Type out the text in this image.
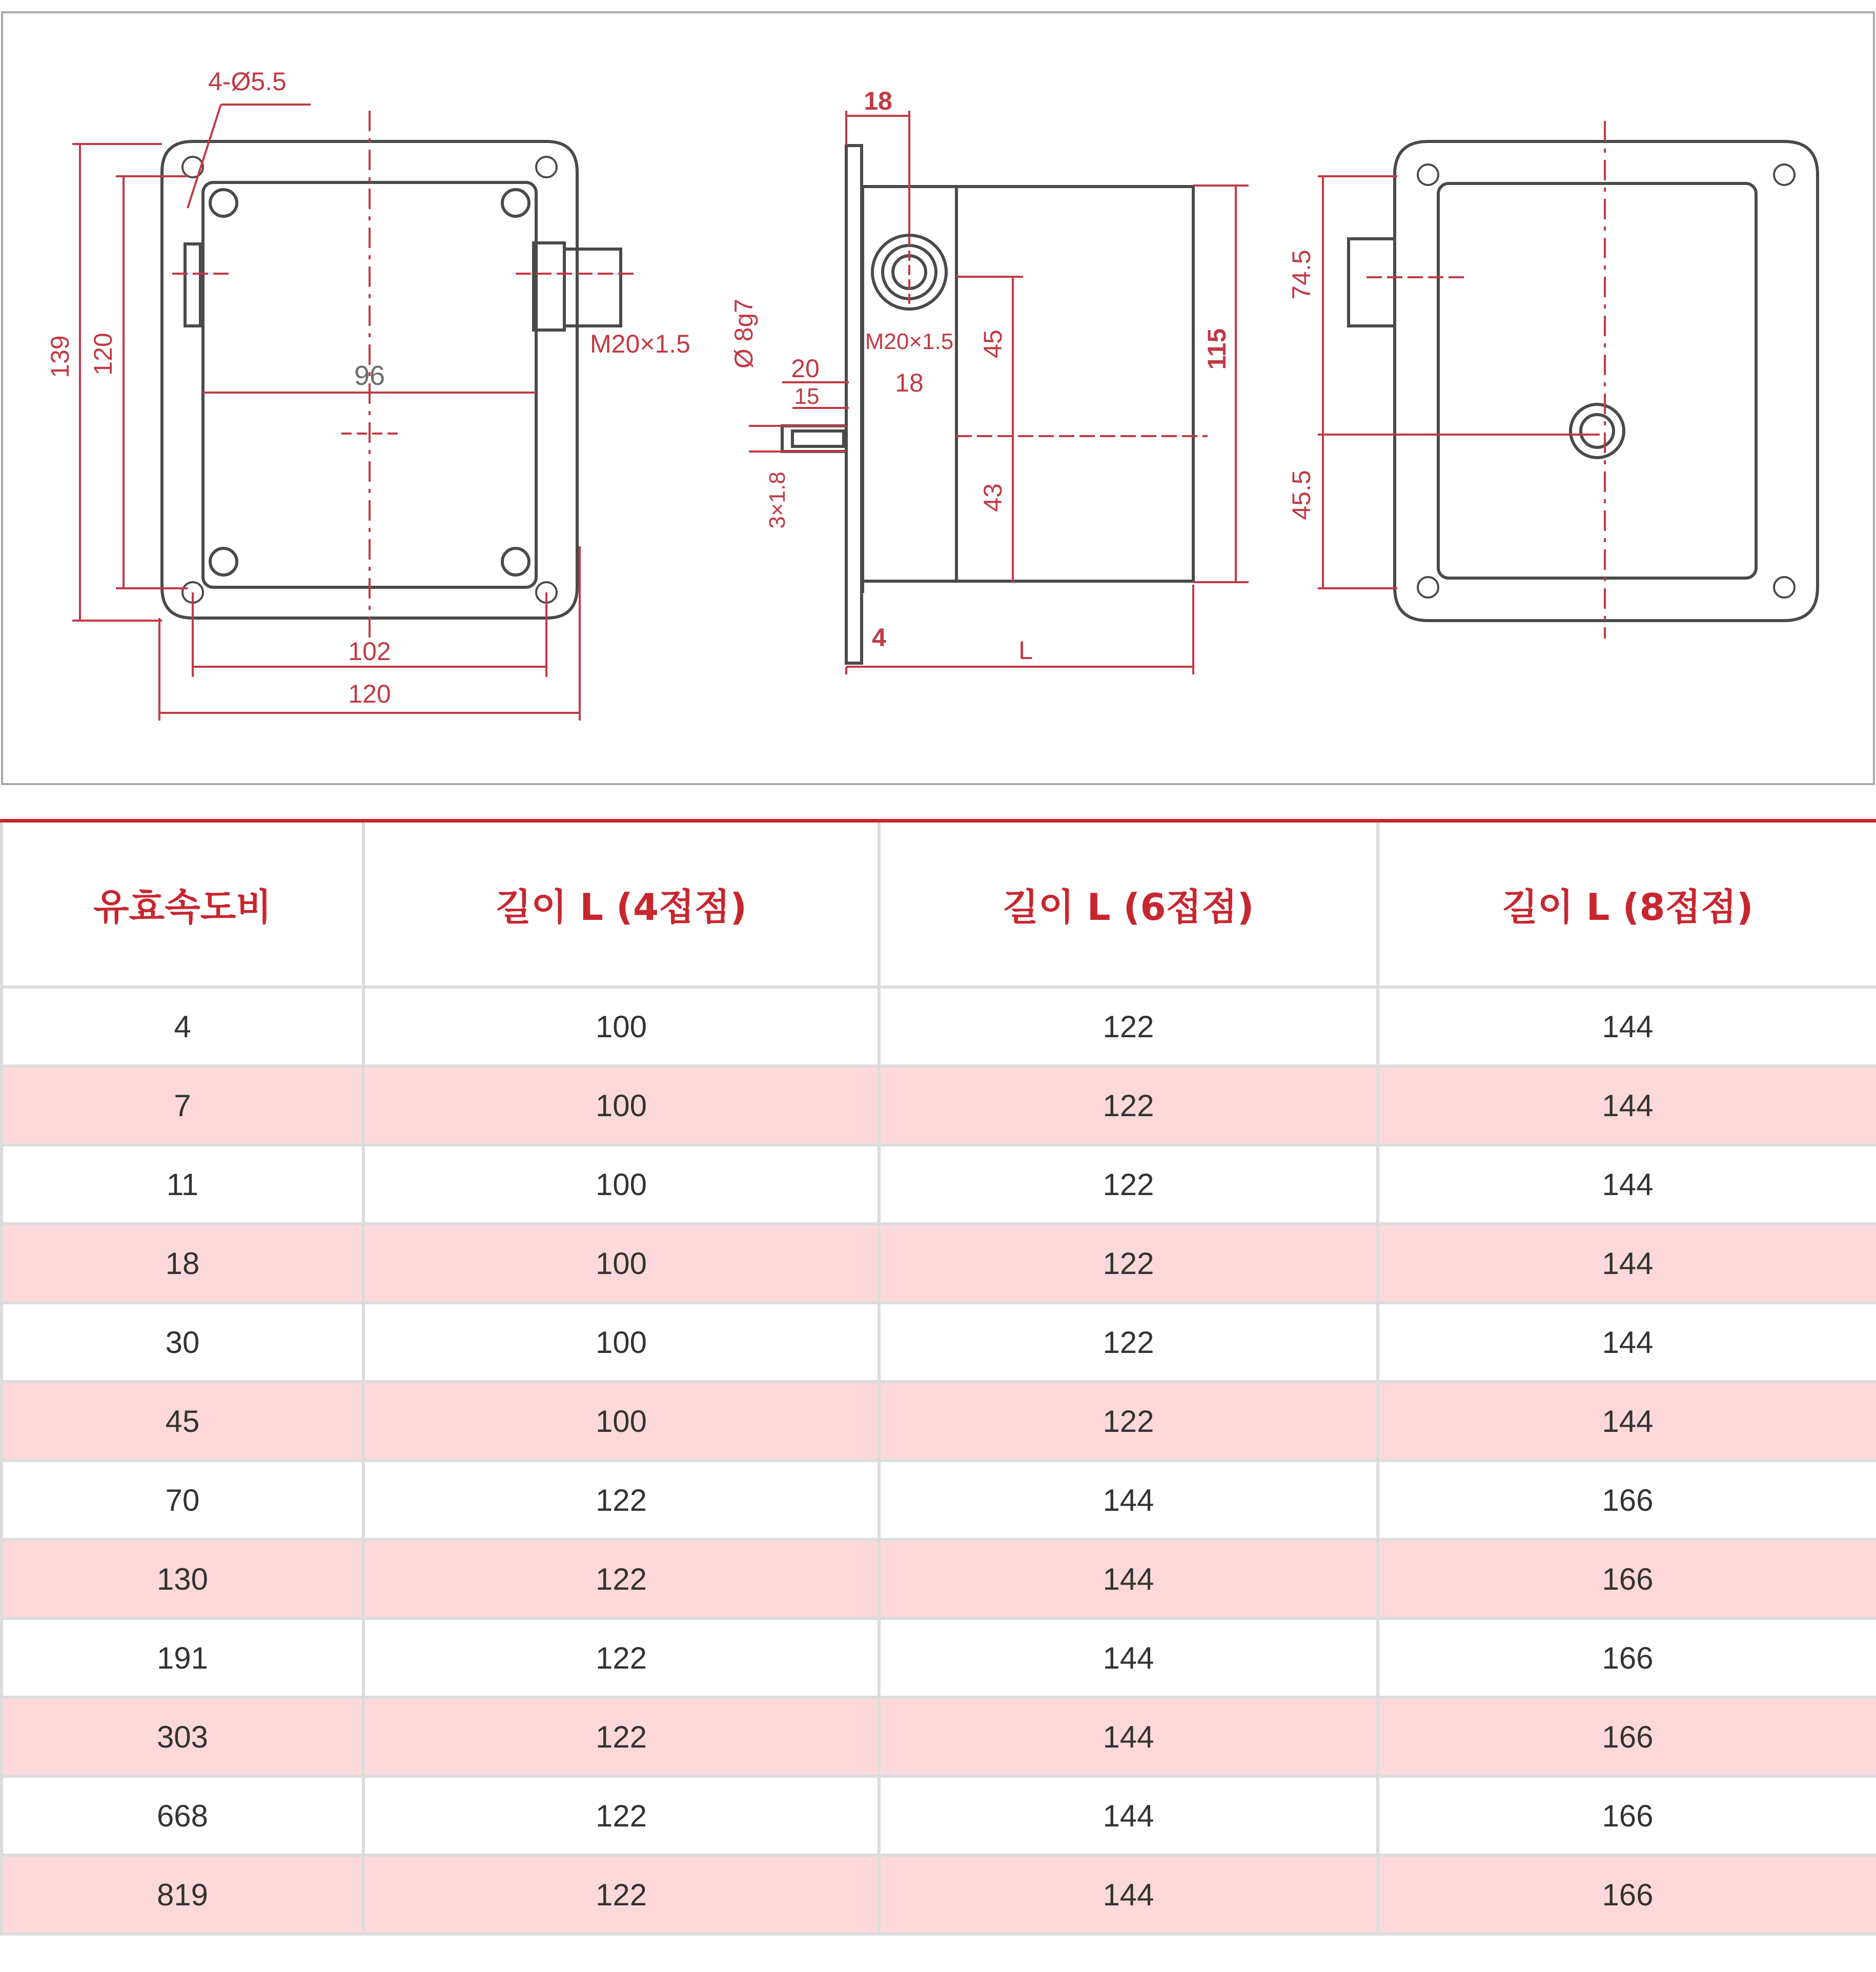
4-Ø5.5
139 120
96
102
120
M20×1.5
18
Ø 8g7 20
15
3×1.8
M20×1.5
18
45
43
115
4	L
74.5
45.5
유효속도비	길이 L (4접점)	길이 L (6접점)	길이 L (8접점)
4	100	122	144
7	100	122	144
11	100	122	144
18	100	122	144
30	100	122	144
45	100	122	144
70	122	144	166
130	122	144	166
191	122	144	166
303	122	144	166
668	122	144	166
819	122	144	166
